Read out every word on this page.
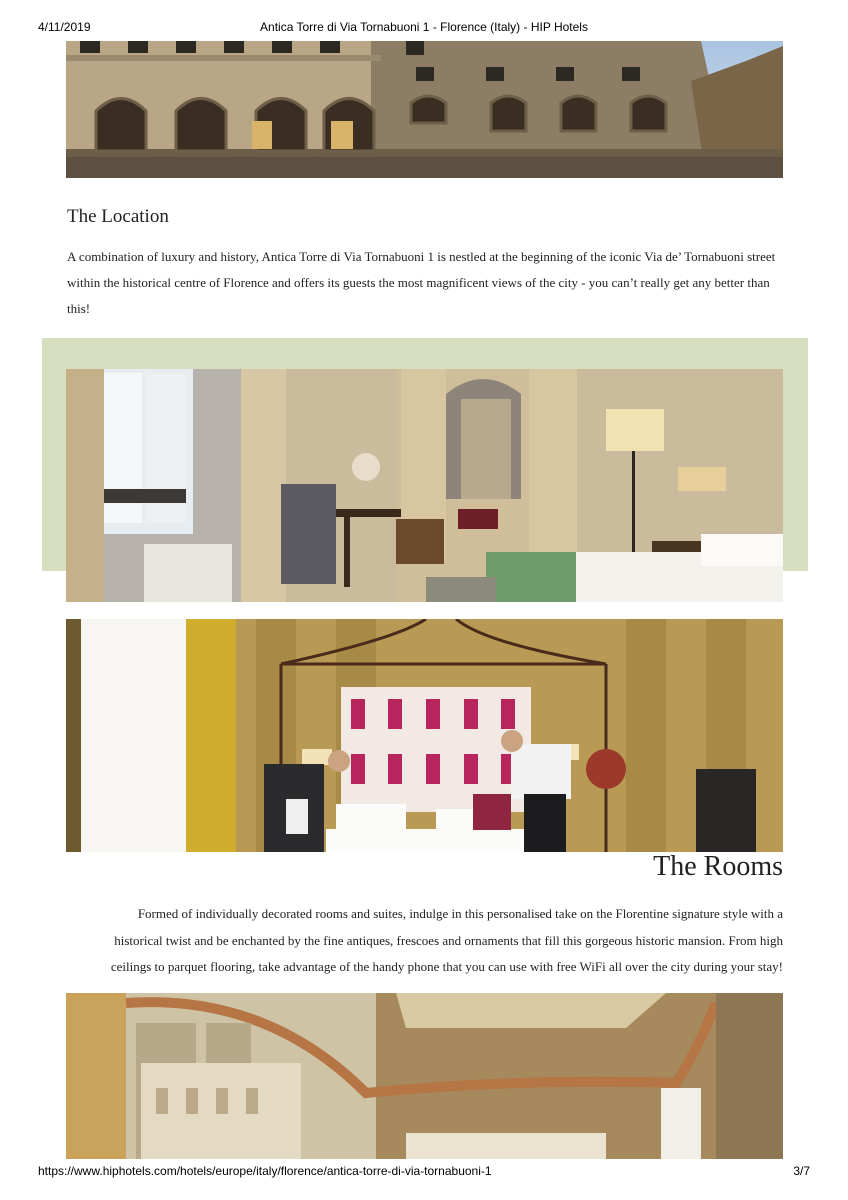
4/11/2019	Antica Torre di Via Tornabuoni 1 - Florence (Italy) - HIP Hotels
The Location

A combination of luxury and history, Antica Torre di Via Tornabuoni 1 is nestled at the beginning of the iconic Via de’ Tornabuoni street within the historical centre of Florence and offers its guests the most magnificent views of the city - you can’t really get any better than this!

The Rooms

Formed of individually decorated rooms and suites, indulge in this personalised take on the Florentine signature style with a historical twist and be enchanted by the fine antiques, frescoes and ornaments that fill this gorgeous historic mansion. From high ceilings to parquet flooring, take advantage of the handy phone that you can use with free WiFi all over the city during your stay!

https://www.hiphotels.com/hotels/europe/italy/florence/antica-torre-di-via-tornabuoni-1	3/7
